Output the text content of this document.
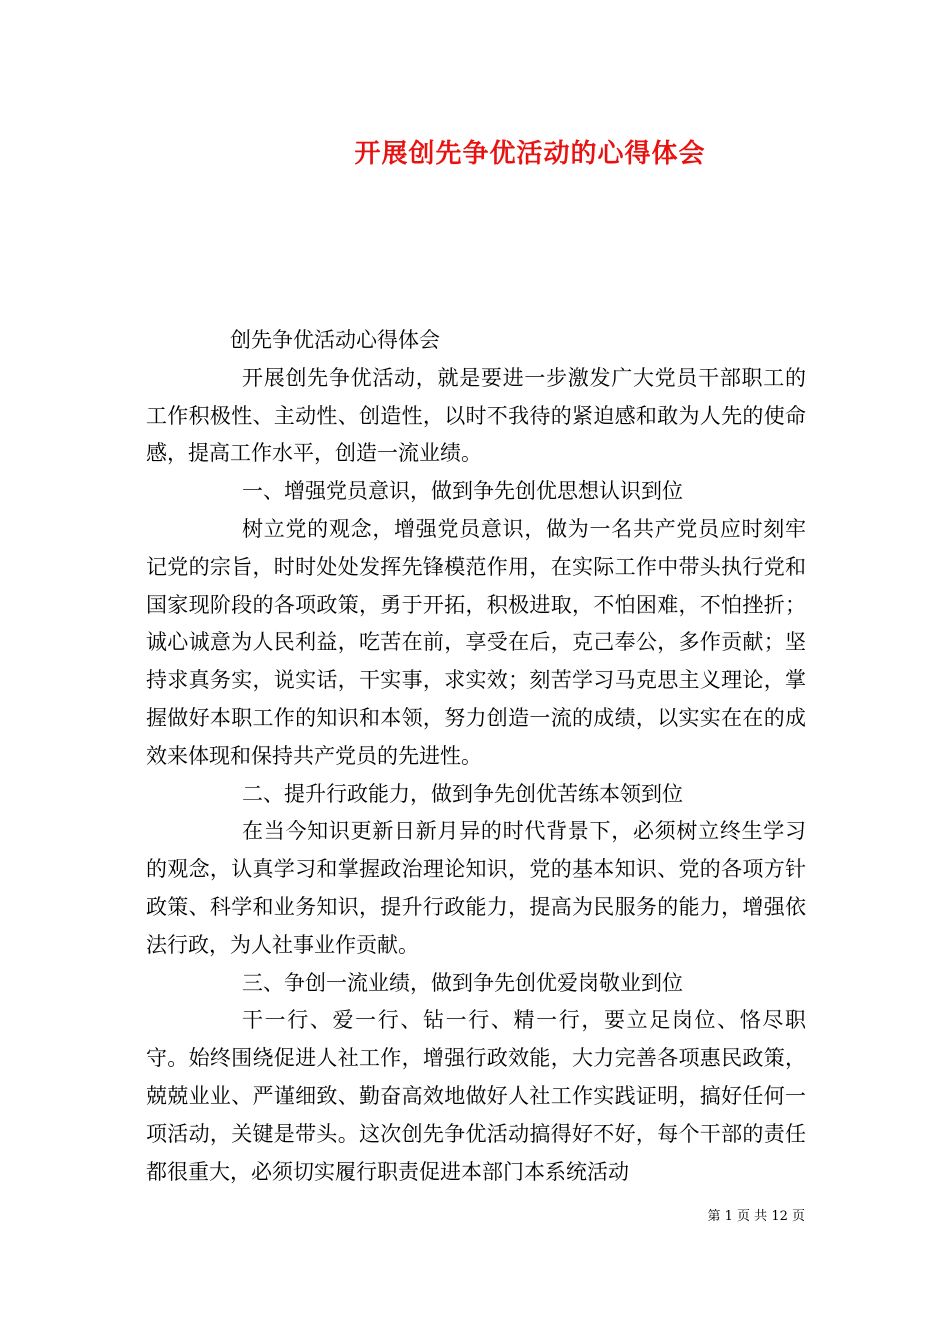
开展创先争优活动的心得体会

创先争优活动心得体会

开展创先争优活动，就是要进一步激发广大党员干部职工的工作积极性、主动性、创造性，以时不我待的紧迫感和敢为人先的使命感，提高工作水平，创造一流业绩。

一、增强党员意识，做到争先创优思想认识到位

树立党的观念，增强党员意识，做为一名共产党员应时刻牢记党的宗旨，时时处处发挥先锋模范作用，在实际工作中带头执行党和国家现阶段的各项政策，勇于开拓，积极进取，不怕困难，不怕挫折；诚心诚意为人民利益，吃苦在前，享受在后，克己奉公，多作贡献；坚持求真务实，说实话，干实事，求实效；刻苦学习马克思主义理论，掌握做好本职工作的知识和本领，努力创造一流的成绩，以实实在在的成效来体现和保持共产党员的先进性。

二、提升行政能力，做到争先创优苦练本领到位

在当今知识更新日新月异的时代背景下，必须树立终生学习的观念，认真学习和掌握政治理论知识，党的基本知识、党的各项方针政策、科学和业务知识，提升行政能力，提高为民服务的能力，增强依法行政，为人社事业作贡献。

三、争创一流业绩，做到争先创优爱岗敬业到位

干一行、爱一行、钻一行、精一行，要立足岗位、恪尽职守。始终围绕促进人社工作，增强行政效能，大力完善各项惠民政策，兢兢业业、严谨细致、勤奋高效地做好人社工作实践证明，搞好任何一项活动，关键是带头。这次创先争优活动搞得好不好，每个干部的责任都很重大，必须切实履行职责促进本部门本系统活动

第 1 页 共 12 页
